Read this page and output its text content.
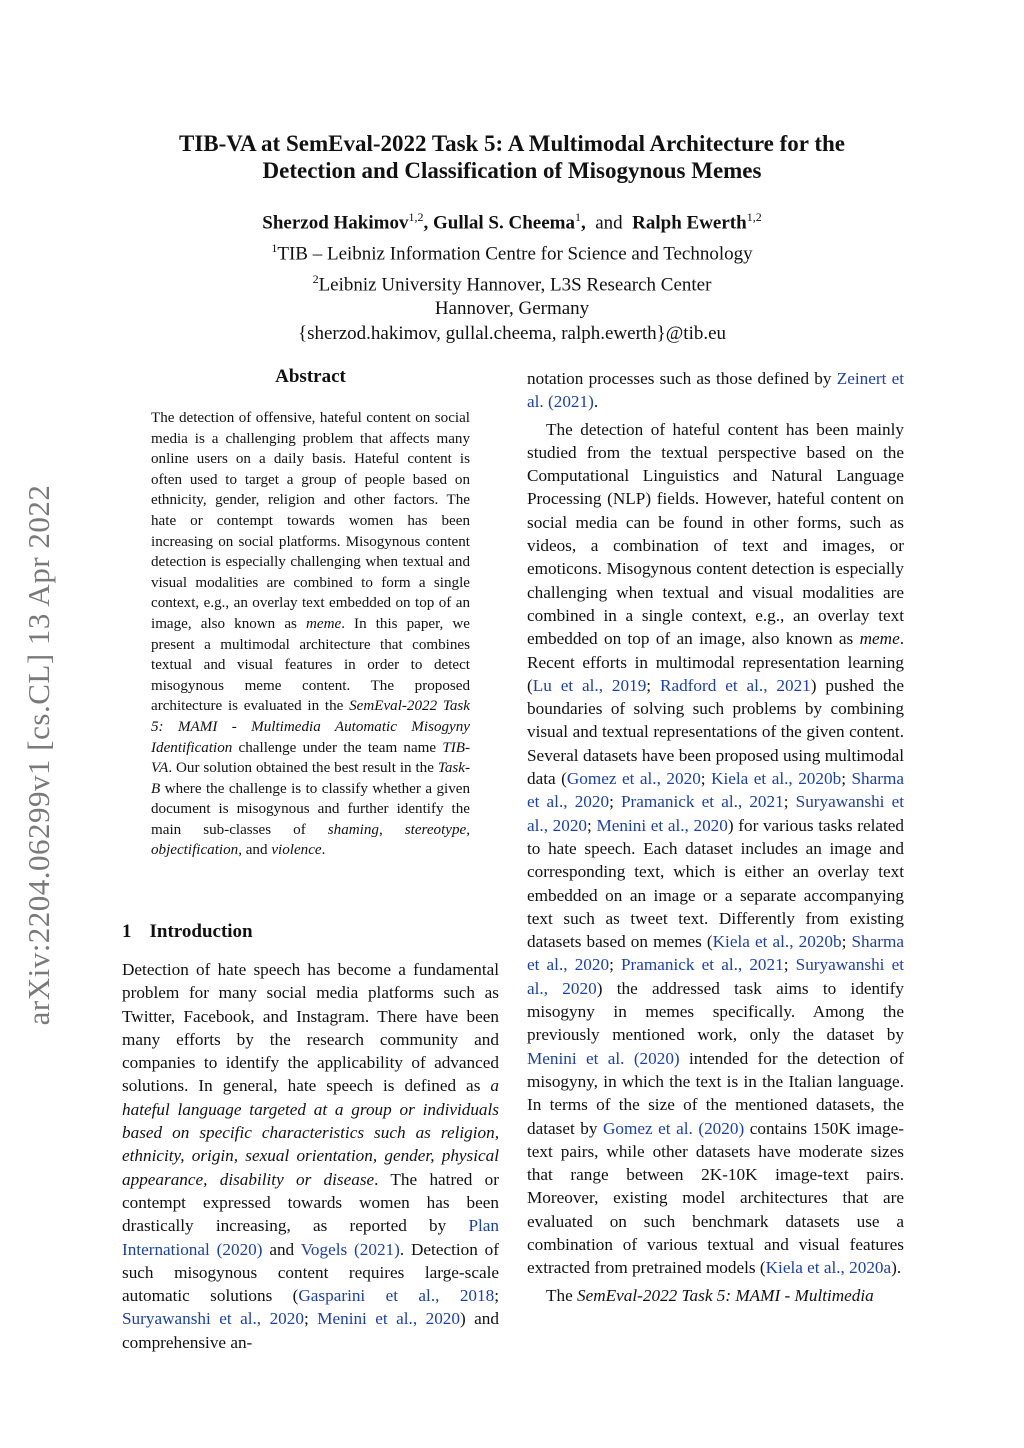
arXiv:2204.06299v1 [cs.CL] 13 Apr 2022
TIB-VA at SemEval-2022 Task 5: A Multimodal Architecture for the
Detection and Classification of Misogynous Memes
Sherzod Hakimov$^{1,2}$, Gullal S. Cheema$^1$, and Ralph Ewerth$^{1,2}$
$^1$TIB – Leibniz Information Centre for Science and Technology
$^2$Leibniz University Hannover, L3S Research Center
Hannover, Germany
{sherzod.hakimov, gullal.cheema, ralph.ewerth}@tib.eu
Abstract

The detection of offensive, hateful content on social media is a challenging problem that affects many online users on a daily basis. Hateful content is often used to target a group of people based on ethnicity, gender, religion and other factors. The hate or contempt towards women has been increasing on social platforms. Misogynous content detection is especially challenging when textual and visual modalities are combined to form a single context, e.g., an overlay text embedded on top of an image, also known as meme. In this paper, we present a multimodal architecture that combines textual and visual features in order to detect misogynous meme content. The proposed architecture is evaluated in the SemEval-2022 Task 5: MAMI - Multimedia Automatic Misogyny Identification challenge under the team name TIB-VA. Our solution obtained the best result in the Task-B where the challenge is to classify whether a given document is misogynous and further identify the main sub-classes of shaming, stereotype, objectification, and violence.

1 Introduction

Detection of hate speech has become a fundamental problem for many social media platforms such as Twitter, Facebook, and Instagram. There have been many efforts by the research community and companies to identify the applicability of advanced solutions. In general, hate speech is defined as a hateful language targeted at a group or individuals based on specific characteristics such as religion, ethnicity, origin, sexual orientation, gender, physical appearance, disability or disease. The hatred or contempt expressed towards women has been drastically increasing, as reported by Plan International (2020) and Vogels (2021). Detection of such misogynous content requires large-scale automatic solutions (Gasparini et al., 2018; Suryawanshi et al., 2020; Menini et al., 2020) and comprehensive an-

notation processes such as those defined by Zeinert et al. (2021).

The detection of hateful content has been mainly studied from the textual perspective based on the Computational Linguistics and Natural Language Processing (NLP) fields. However, hateful content on social media can be found in other forms, such as videos, a combination of text and images, or emoticons. Misogynous content detection is especially challenging when textual and visual modalities are combined in a single context, e.g., an overlay text embedded on top of an image, also known as meme. Recent efforts in multimodal representation learning (Lu et al., 2019; Radford et al., 2021) pushed the boundaries of solving such problems by combining visual and textual representations of the given content. Several datasets have been proposed using multimodal data (Gomez et al., 2020; Kiela et al., 2020b; Sharma et al., 2020; Pramanick et al., 2021; Suryawanshi et al., 2020; Menini et al., 2020) for various tasks related to hate speech. Each dataset includes an image and corresponding text, which is either an overlay text embedded on an image or a separate accompanying text such as tweet text. Differently from existing datasets based on memes (Kiela et al., 2020b; Sharma et al., 2020; Pramanick et al., 2021; Suryawanshi et al., 2020) the addressed task aims to identify misogyny in memes specifically. Among the previously mentioned work, only the dataset by Menini et al. (2020) intended for the detection of misogyny, in which the text is in the Italian language. In terms of the size of the mentioned datasets, the dataset by Gomez et al. (2020) contains 150K image-text pairs, while other datasets have moderate sizes that range between 2K-10K image-text pairs. Moreover, existing model architectures that are evaluated on such benchmark datasets use a combination of various textual and visual features extracted from pretrained models (Kiela et al., 2020a).

The SemEval-2022 Task 5: MAMI - Multimedia
